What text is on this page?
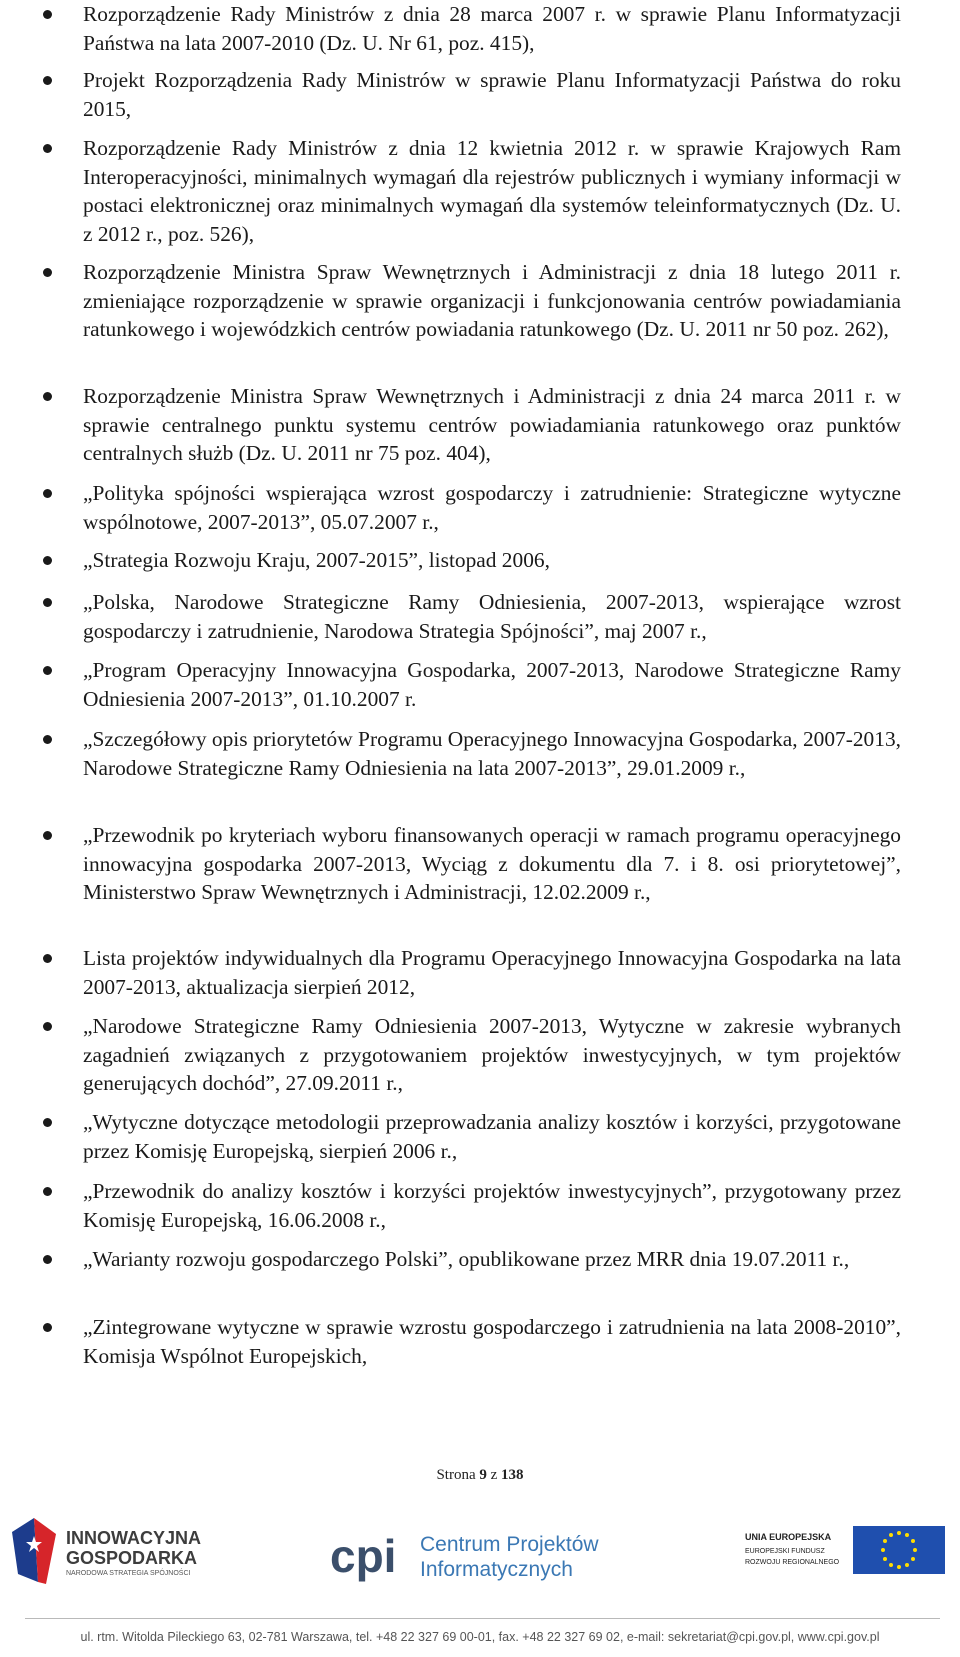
Rozporządzenie Rady Ministrów z dnia 28 marca 2007 r. w sprawie Planu Informatyzacji Państwa na lata 2007-2010 (Dz. U. Nr 61, poz. 415),
Projekt Rozporządzenia Rady Ministrów w sprawie Planu Informatyzacji Państwa do roku 2015,
Rozporządzenie Rady Ministrów z dnia 12 kwietnia 2012 r. w sprawie Krajowych Ram Interoperacyjności, minimalnych wymagań dla rejestrów publicznych i wymiany informacji w postaci elektronicznej oraz minimalnych wymagań dla systemów teleinformatycznych (Dz. U. z 2012 r., poz. 526),
Rozporządzenie Ministra Spraw Wewnętrznych i Administracji z dnia 18 lutego 2011 r. zmieniające rozporządzenie w sprawie organizacji i funkcjonowania centrów powiadamiania ratunkowego i wojewódzkich centrów powiadania ratunkowego (Dz. U. 2011 nr 50 poz. 262),
Rozporządzenie Ministra Spraw Wewnętrznych i Administracji z dnia 24 marca 2011 r. w sprawie centralnego punktu systemu centrów powiadamiania ratunkowego oraz punktów centralnych służb (Dz. U. 2011 nr 75 poz. 404),
„Polityka spójności wspierająca wzrost gospodarczy i zatrudnienie: Strategiczne wytyczne wspólnotowe, 2007-2013”, 05.07.2007 r.,
„Strategia Rozwoju Kraju, 2007-2015”, listopad 2006,
„Polska, Narodowe Strategiczne Ramy Odniesienia, 2007-2013, wspierające wzrost gospodarczy i zatrudnienie, Narodowa Strategia Spójności”, maj 2007 r.,
„Program Operacyjny Innowacyjna Gospodarka, 2007-2013, Narodowe Strategiczne Ramy Odniesienia 2007-2013”, 01.10.2007 r.
„Szczegółowy opis priorytetów Programu Operacyjnego Innowacyjna Gospodarka, 2007-2013, Narodowe Strategiczne Ramy Odniesienia na lata 2007-2013”, 29.01.2009 r.,
„Przewodnik po kryteriach wyboru finansowanych operacji w ramach programu operacyjnego innowacyjna gospodarka 2007-2013, Wyciąg z dokumentu dla 7. i 8. osi priorytetowej”, Ministerstwo Spraw Wewnętrznych i Administracji, 12.02.2009 r.,
Lista projektów indywidualnych dla Programu Operacyjnego Innowacyjna Gospodarka na lata 2007-2013, aktualizacja sierpień 2012,
„Narodowe Strategiczne Ramy Odniesienia 2007-2013, Wytyczne w zakresie wybranych zagadnień związanych z przygotowaniem projektów inwestycyjnych, w tym projektów generujących dochód”, 27.09.2011 r.,
„Wytyczne dotyczące metodologii przeprowadzania analizy kosztów i korzyści, przygotowane przez Komisję Europejską, sierpień 2006 r.,
„Przewodnik do analizy kosztów i korzyści projektów inwestycyjnych”, przygotowany przez Komisję Europejską, 16.06.2008 r.,
„Warianty rozwoju gospodarczego Polski”, opublikowane przez MRR dnia 19.07.2011 r.,
„Zintegrowane wytyczne w sprawie wzrostu gospodarczego i zatrudnienia na lata 2008-2010”, Komisja Wspólnot Europejskich,
Strona 9 z 138
INNOWACYJNA
GOSPODARKA
NARODOWA STRATEGIA SPÓJNOŚCI	cpi Centrum Projektów
Informatycznych
UNIA EUROPEJSKA
EUROPEJSKI FUNDUSZ
ROZWOJU REGIONALNEGO
ul. rtm. Witolda Pileckiego 63, 02-781 Warszawa, tel. +48 22 327 69 00-01, fax. +48 22 327 69 02, e-mail: sekretariat@cpi.gov.pl, www.cpi.gov.pl
